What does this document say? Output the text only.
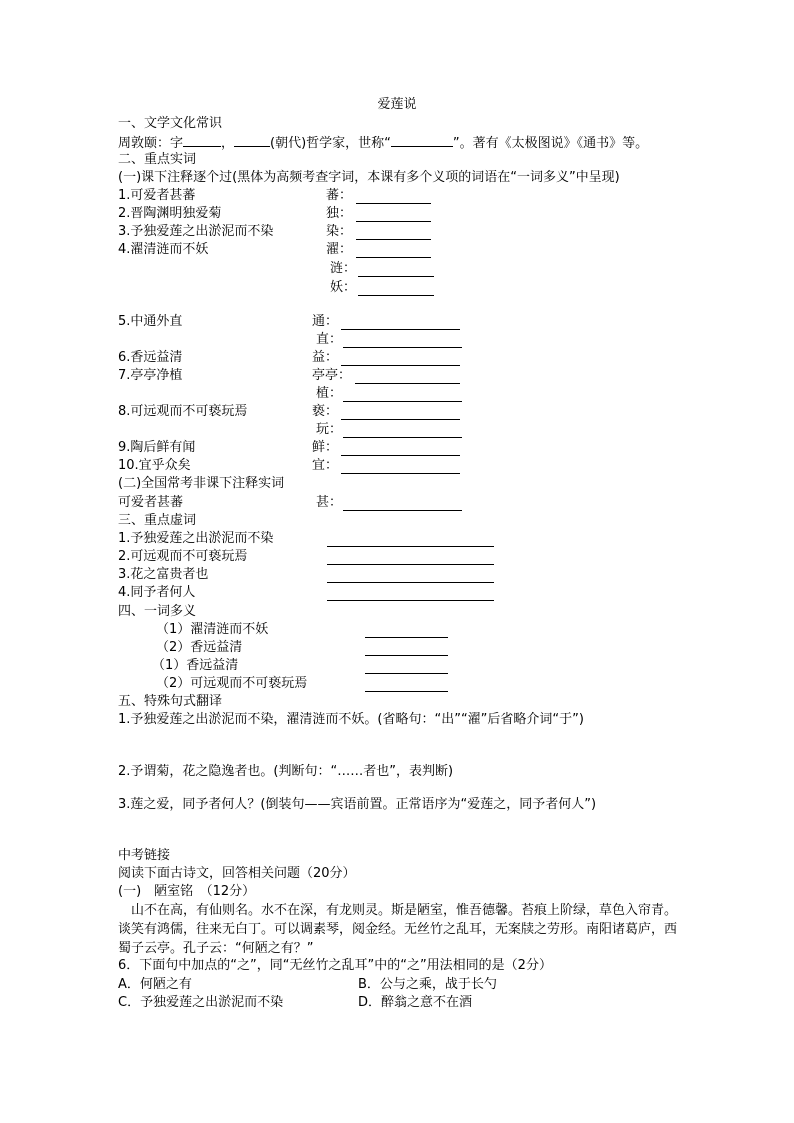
爱莲说
一、文学文化常识
周敦颐：字	，	(朝代)哲学家，世称“	”。著有《太极图说》《通书》等。
二、重点实词
(一)课下注释逐个过(黑体为高频考查字词，本课有多个义项的词语在“一词多义”中呈现)
1.可爱者甚蕃	蕃：
2.晋陶渊明独爱菊	独：
3.予独爱莲之出淤泥而不染	染：
4.濯清涟而不妖	濯：
涟：
妖：
5.中通外直	通：
直：
6.香远益清	益：
7.亭亭净植	亭亭：
植：
8.可远观而不可亵玩焉	亵：
玩：
9.陶后鲜有闻	鲜：
10.宜乎众矣	宜：
(二)全国常考非课下注释实词
可爱者甚蕃	甚：
三、重点虚词
1.予独爱莲之出淤泥而不染
2.可远观而不可亵玩焉
3.花之富贵者也
4.同予者何人
四、一词多义
（1）濯清涟而不妖
（2）香远益清
（1）香远益清
（2）可远观而不可亵玩焉
五、特殊句式翻译
1.予独爱莲之出淤泥而不染，濯清涟而不妖。(省略句：“出”“濯”后省略介词“于”)
2.予谓菊，花之隐逸者也。(判断句：“……者也”，表判断)
3.莲之爱，同予者何人？(倒装句——宾语前置。正常语序为“爱莲之，同予者何人”)
中考链接
阅读下面古诗文，回答相关问题（20分）
(一)　陋室铭　（12分）
　山不在高，有仙则名。水不在深，有龙则灵。斯是陋室，惟吾德馨。苔痕上阶绿，草色入帘青。谈笑有鸿儒，往来无白丁。可以调素琴，阅金经。无丝竹之乱耳，无案牍之劳形。南阳诸葛庐，西蜀子云亭。孔子云：“何陋之有？”
6．下面句中加点的“之”，同“无丝竹之乱耳”中的“之”用法相同的是（2分）
A．何陋之有	B．公与之乘，战于长勺
C．予独爱莲之出淤泥而不染	D．醉翁之意不在酒
